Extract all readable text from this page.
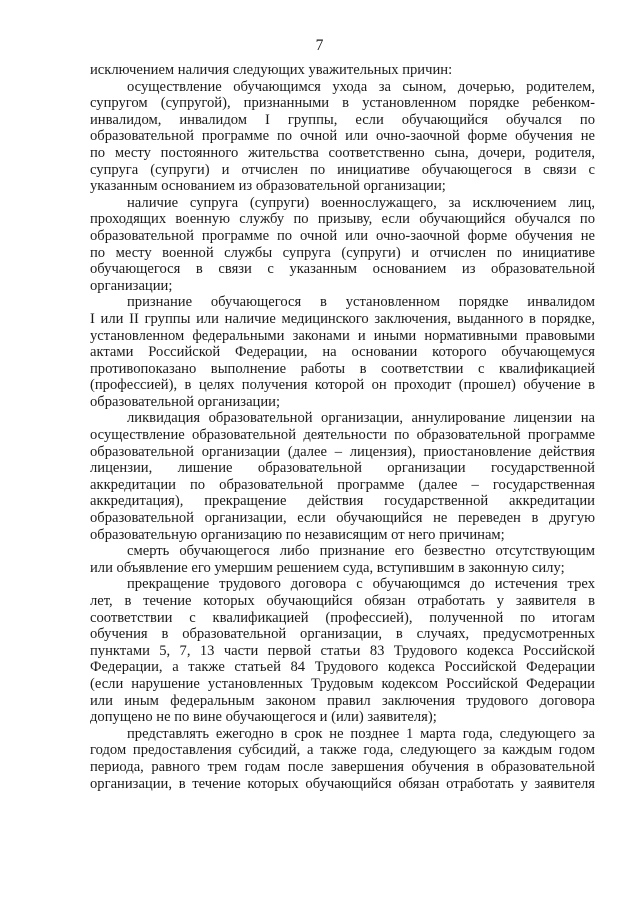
7
исключением наличия следующих уважительных причин:
осуществление обучающимся ухода за сыном, дочерью, родителем,
супругом (супругой), признанными в установленном порядке ребенком-
инвалидом, инвалидом I группы, если обучающийся обучался по
образовательной программе по очной или очно-заочной форме обучения не
по месту постоянного жительства соответственно сына, дочери, родителя,
супруга (супруги) и отчислен по инициативе обучающегося в связи с
указанным основанием из образовательной организации;
наличие супруга (супруги) военнослужащего, за исключением лиц,
проходящих военную службу по призыву, если обучающийся обучался по
образовательной программе по очной или очно-заочной форме обучения не
по месту военной службы супруга (супруги) и отчислен по инициативе
обучающегося в связи с указанным основанием из образовательной
организации;
признание обучающегося в установленном порядке инвалидом
I или II группы или наличие медицинского заключения, выданного в порядке,
установленном федеральными законами и иными нормативными правовыми
актами Российской Федерации, на основании которого обучающемуся
противопоказано выполнение работы в соответствии с квалификацией
(профессией), в целях получения которой он проходит (прошел) обучение в
образовательной организации;
ликвидация образовательной организации, аннулирование лицензии на
осуществление образовательной деятельности по образовательной программе
образовательной организации (далее – лицензия), приостановление действия
лицензии, лишение образовательной организации государственной
аккредитации по образовательной программе (далее – государственная
аккредитация), прекращение действия государственной аккредитации
образовательной организации, если обучающийся не переведен в другую
образовательную организацию по независящим от него причинам;
смерть обучающегося либо признание его безвестно отсутствующим
или объявление его умершим решением суда, вступившим в законную силу;
прекращение трудового договора с обучающимся до истечения трех
лет, в течение которых обучающийся обязан отработать у заявителя в
соответствии с квалификацией (профессией), полученной по итогам
обучения в образовательной организации, в случаях, предусмотренных
пунктами 5, 7, 13 части первой статьи 83 Трудового кодекса Российской
Федерации, а также статьей 84 Трудового кодекса Российской Федерации
(если нарушение установленных Трудовым кодексом Российской Федерации
или иным федеральным законом правил заключения трудового договора
допущено не по вине обучающегося и (или) заявителя);
представлять ежегодно в срок не позднее 1 марта года, следующего за
годом предоставления субсидий, а также года, следующего за каждым годом
периода, равного трем годам после завершения обучения в образовательной
организации, в течение которых обучающийся обязан отработать у заявителя
